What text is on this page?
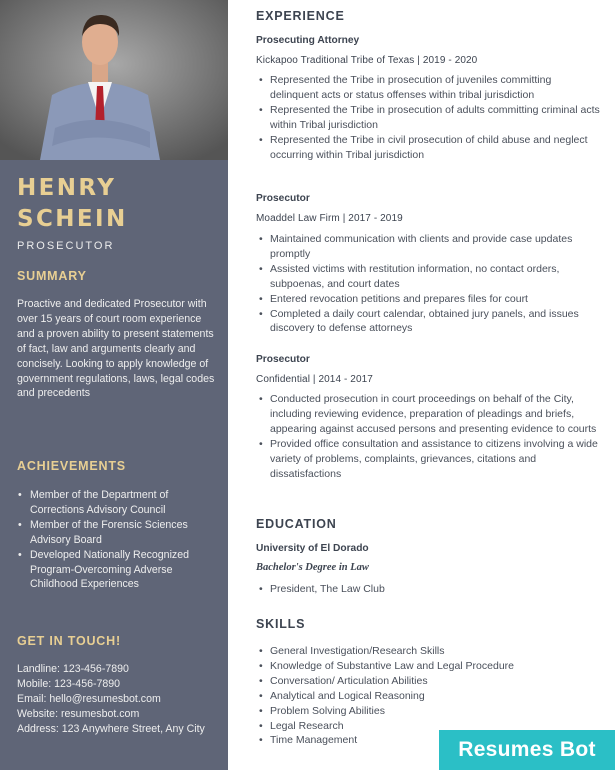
HENRY
SCHEIN
PROSECUTOR
SUMMARY
Proactive and dedicated Prosecutor with over 15 years of court room experience and a proven ability to present statements of fact, law and arguments clearly and concisely. Looking to apply knowledge of government regulations, laws, legal codes and precedents
ACHIEVEMENTS
• Member of the Department of Corrections Advisory Council
• Member of the Forensic Sciences Advisory Board
• Developed Nationally Recognized Program-Overcoming Adverse Childhood Experiences
GET IN TOUCH!
Landline: 123-456-7890
Mobile: 123-456-7890
Email: hello@resumesbot.com
Website: resumesbot.com
Address: 123 Anywhere Street, Any City
EXPERIENCE
Prosecuting Attorney
Kickapoo Traditional Tribe of Texas | 2019 - 2020
• Represented the Tribe in prosecution of juveniles committing delinquent acts or status offenses within tribal jurisdiction
• Represented the Tribe in prosecution of adults committing criminal acts within Tribal jurisdiction
• Represented the Tribe in civil prosecution of child abuse and neglect occurring within Tribal jurisdiction
Prosecutor
Moaddel Law Firm | 2017 - 2019
• Maintained communication with clients and provide case updates promptly
• Assisted victims with restitution information, no contact orders, subpoenas, and court dates
• Entered revocation petitions and prepares files for court
• Completed a daily court calendar, obtained jury panels, and issues discovery to defense attorneys
Prosecutor
Confidential | 2014 - 2017
• Conducted prosecution in court proceedings on behalf of the City, including reviewing evidence, preparation of pleadings and briefs, appearing against accused persons and presenting evidence to courts
• Provided office consultation and assistance to citizens involving a wide variety of problems, complaints, grievances, citations and dissatisfactions
EDUCATION
University of El Dorado
Bachelor's Degree in Law
• President, The Law Club
SKILLS
• General Investigation/Research Skills
• Knowledge of Substantive Law and Legal Procedure
• Conversation/ Articulation Abilities
• Analytical and Logical Reasoning
• Problem Solving Abilities
• Legal Research
• Time Management	Resumes Bot
